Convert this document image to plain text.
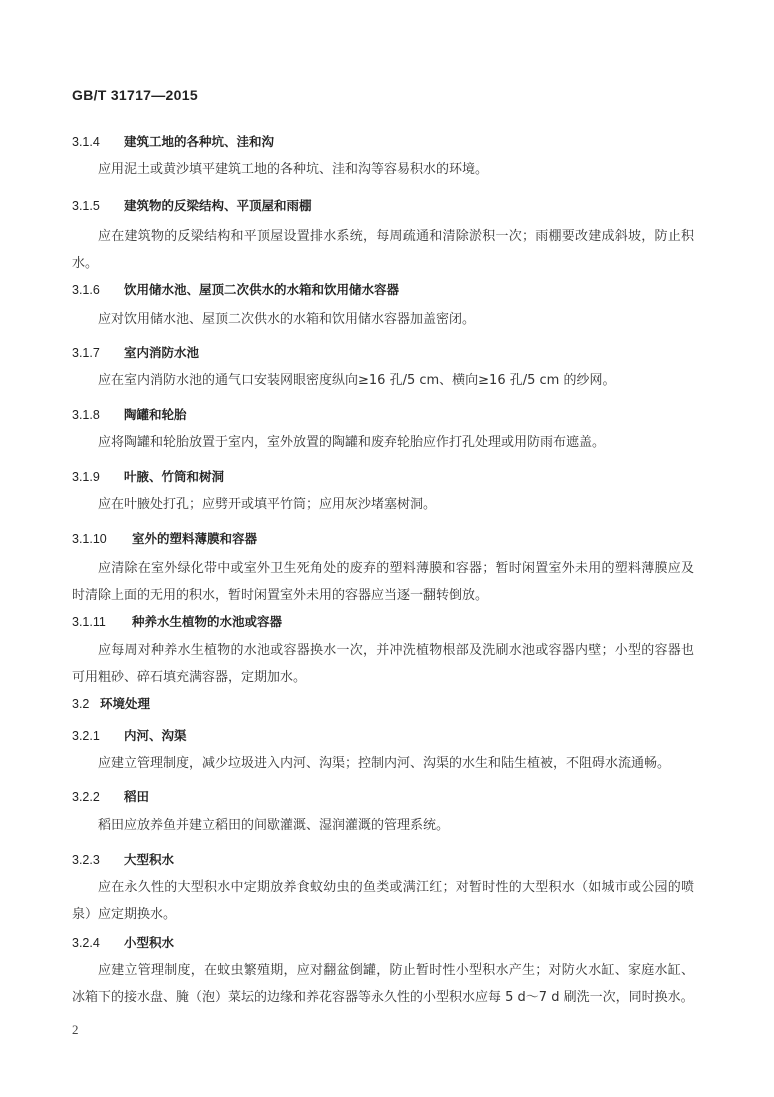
GB/T 31717—2015
3.1.4 建筑工地的各种坑、洼和沟
应用泥土或黄沙填平建筑工地的各种坑、洼和沟等容易积水的环境。
3.1.5 建筑物的反梁结构、平顶屋和雨棚
应在建筑物的反梁结构和平顶屋设置排水系统，每周疏通和清除淤积一次；雨棚要改建成斜坡，防止积水。
3.1.6 饮用储水池、屋顶二次供水的水箱和饮用储水容器
应对饮用储水池、屋顶二次供水的水箱和饮用储水容器加盖密闭。
3.1.7 室内消防水池
应在室内消防水池的通气口安装网眼密度纵向≥16 孔/5 cm、横向≥16 孔/5 cm 的纱网。
3.1.8 陶罐和轮胎
应将陶罐和轮胎放置于室内，室外放置的陶罐和废弃轮胎应作打孔处理或用防雨布遮盖。
3.1.9 叶腋、竹筒和树洞
应在叶腋处打孔；应劈开或填平竹筒；应用灰沙堵塞树洞。
3.1.10 室外的塑料薄膜和容器
应清除在室外绿化带中或室外卫生死角处的废弃的塑料薄膜和容器；暂时闲置室外未用的塑料薄膜应及时清除上面的无用的积水，暂时闲置室外未用的容器应当逐一翻转倒放。
3.1.11 种养水生植物的水池或容器
应每周对种养水生植物的水池或容器换水一次，并冲洗植物根部及洗刷水池或容器内壁；小型的容器也可用粗砂、碎石填充满容器，定期加水。
3.2 环境处理
3.2.1 内河、沟渠
应建立管理制度，减少垃圾进入内河、沟渠；控制内河、沟渠的水生和陆生植被，不阻碍水流通畅。
3.2.2 稻田
稻田应放养鱼并建立稻田的间歇灌溉、湿润灌溉的管理系统。
3.2.3 大型积水
应在永久性的大型积水中定期放养食蚊幼虫的鱼类或满江红；对暂时性的大型积水（如城市或公园的喷泉）应定期换水。
3.2.4 小型积水
应建立管理制度，在蚊虫繁殖期，应对翻盆倒罐，防止暂时性小型积水产生；对防火水缸、家庭水缸、冰箱下的接水盘、腌（泡）菜坛的边缘和养花容器等永久性的小型积水应每 5 d～7 d 刷洗一次，同时换水。
2
